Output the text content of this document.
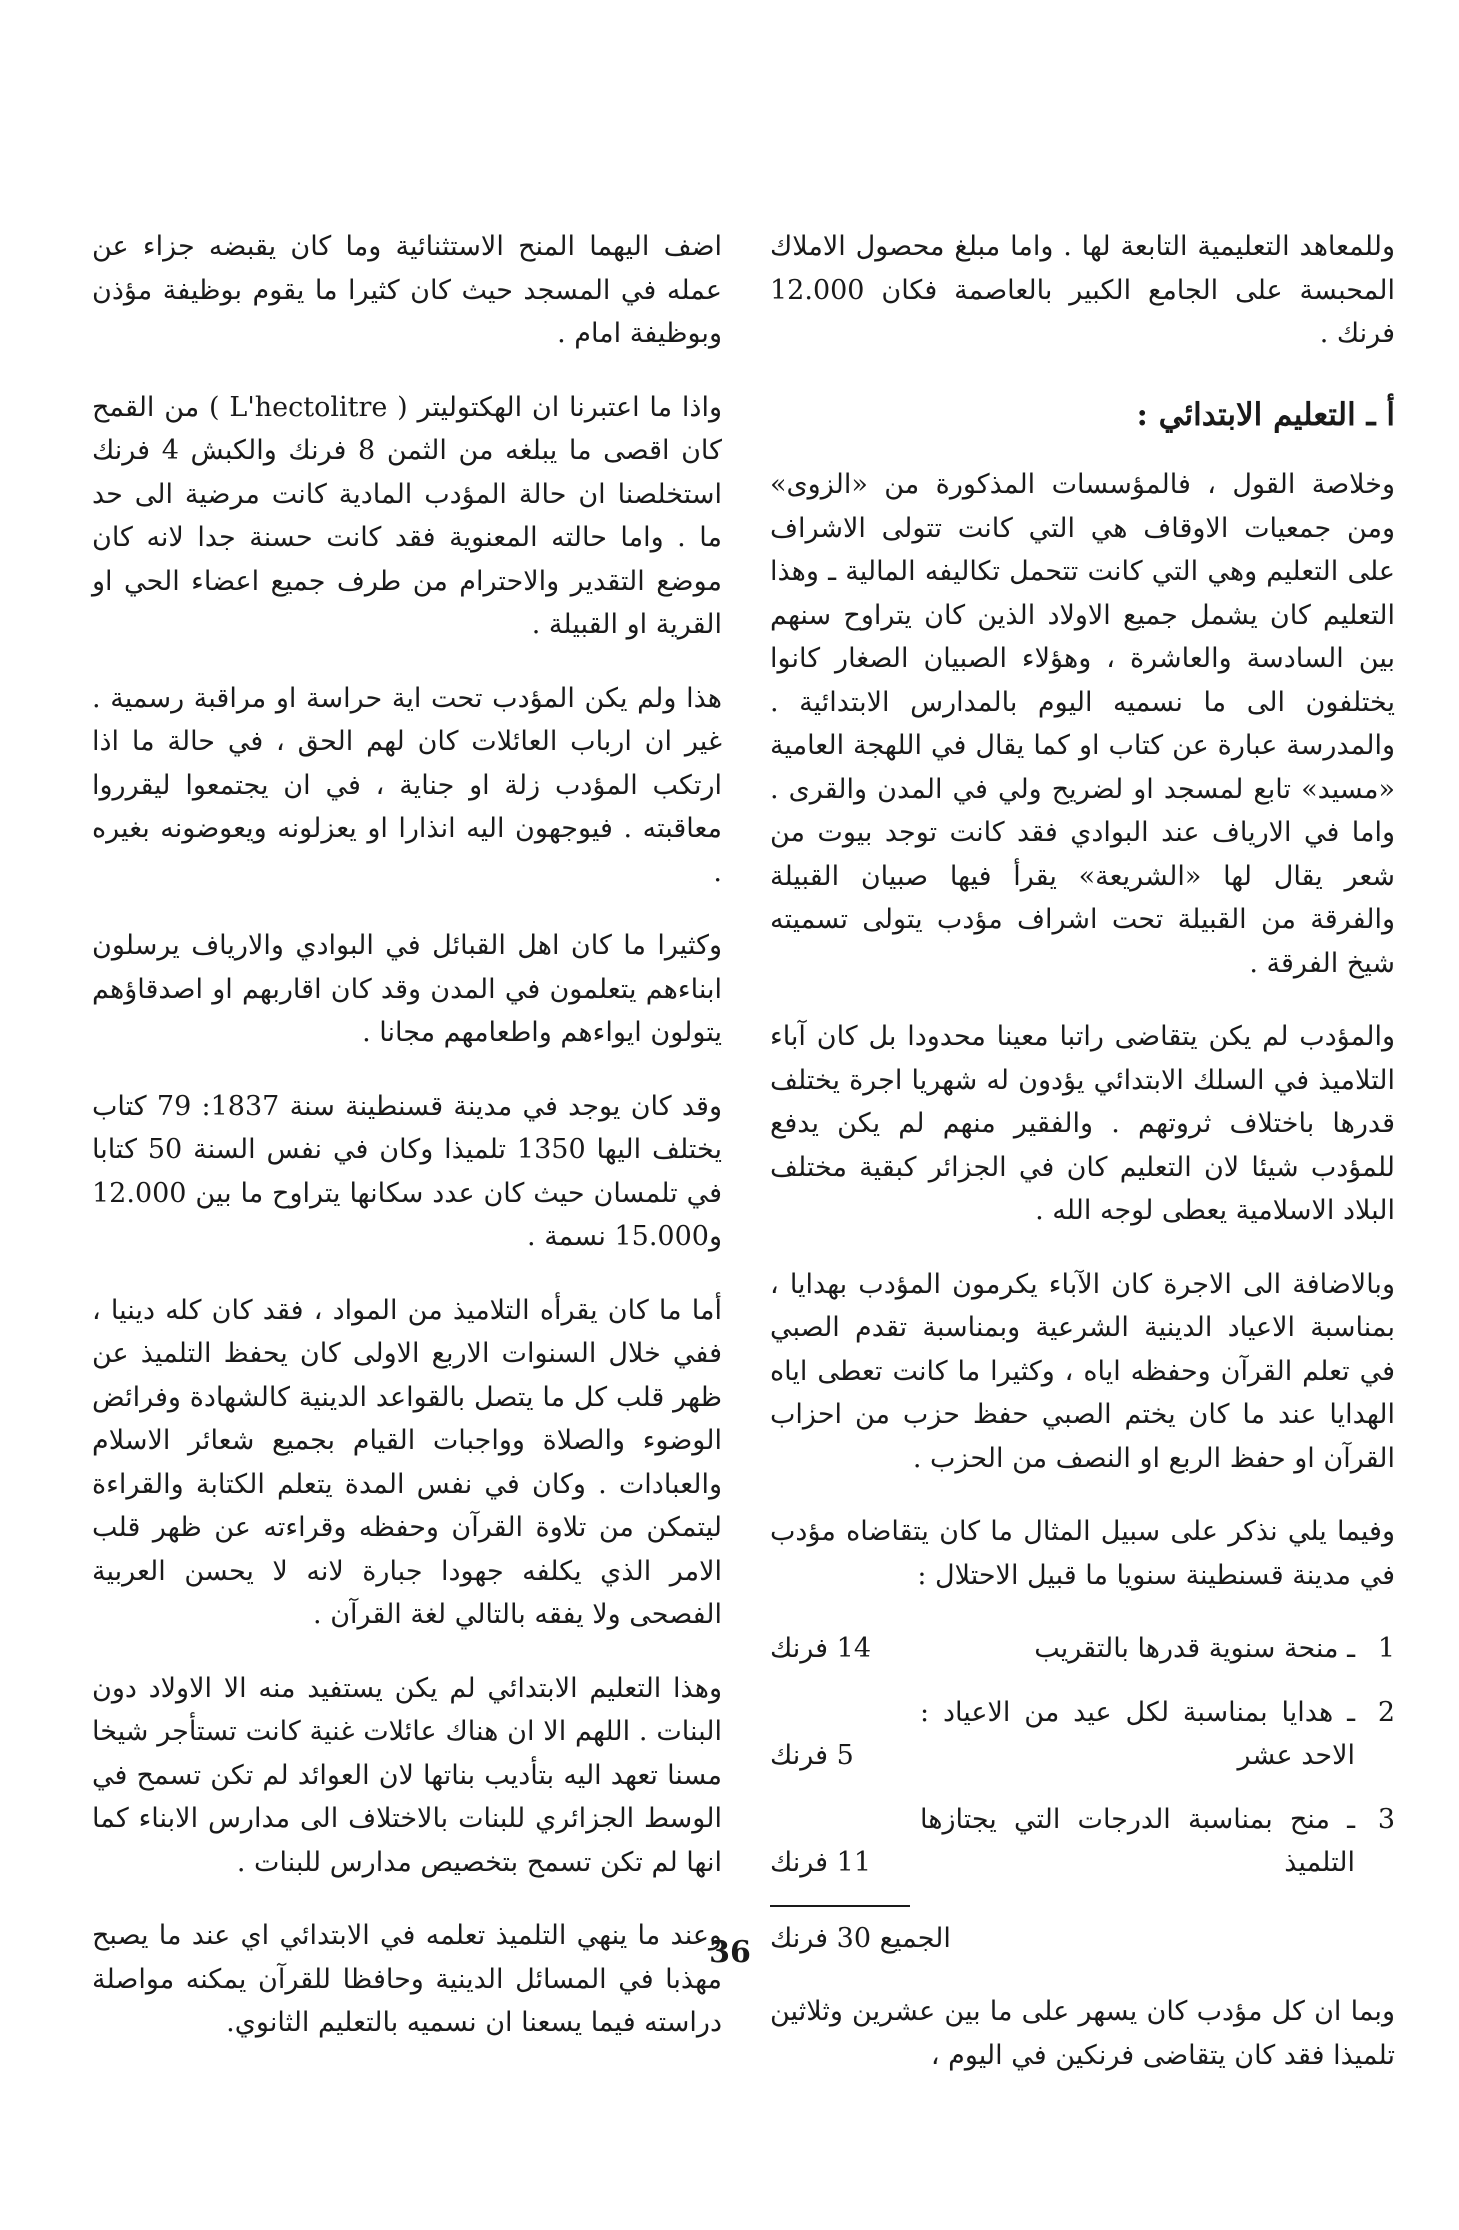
وللمعاهد التعليمية التابعة لها . واما مبلغ محصول الاملاك المحبسة على الجامع الكبير بالعاصمة فكان 12.000 فرنك .

أ ـ التعليم الابتدائي :

وخلاصة القول ، فالمؤسسات المذكورة من «الزوى» ومن جمعيات الاوقاف هي التي كانت تتولى الاشراف على التعليم وهي التي كانت تتحمل تكاليفه المالية ـ وهذا التعليم كان يشمل جميع الاولاد الذين كان يتراوح سنهم بين السادسة والعاشرة ، وهؤلاء الصبيان الصغار كانوا يختلفون الى ما نسميه اليوم بالمدارس الابتدائية . والمدرسة عبارة عن كتاب او كما يقال في اللهجة العامية «مسيد» تابع لمسجد او لضريح ولي في المدن والقرى . واما في الارياف عند البوادي فقد كانت توجد بيوت من شعر يقال لها «الشريعة» يقرأ فيها صبيان القبيلة والفرقة من القبيلة تحت اشراف مؤدب يتولى تسميته شيخ الفرقة .

والمؤدب لم يكن يتقاضى راتبا معينا محدودا بل كان آباء التلاميذ في السلك الابتدائي يؤدون له شهريا اجرة يختلف قدرها باختلاف ثروتهم . والفقير منهم لم يكن يدفع للمؤدب شيئا لان التعليم كان في الجزائر كبقية مختلف البلاد الاسلامية يعطى لوجه الله .

وبالاضافة الى الاجرة كان الآباء يكرمون المؤدب بهدايا ، بمناسبة الاعياد الدينية الشرعية وبمناسبة تقدم الصبي في تعلم القرآن وحفظه اياه ، وكثيرا ما كانت تعطى اياه الهدايا عند ما كان يختم الصبي حفظ حزب من احزاب القرآن او حفظ الربع او النصف من الحزب .

وفيما يلي نذكر على سبيل المثال ما كان يتقاضاه مؤدب في مدينة قسنطينة سنويا ما قبيل الاحتلال :

1
ـ منحة سنوية قدرها بالتقريب
14 فرنك
2
ـ هدايا بمناسبة لكل عيد من الاعياد : الاحد عشر
5 فرنك
3
ـ منح بمناسبة الدرجات التي يجتازها التلميذ
11 فرنك
الجميع 30 فرنك

وبما ان كل مؤدب كان يسهر على ما بين عشرين وثلاثين تلميذا فقد كان يتقاضى فرنكين في اليوم ،

اضف اليهما المنح الاستثنائية وما كان يقبضه جزاء عن عمله في المسجد حيث كان كثيرا ما يقوم بوظيفة مؤذن وبوظيفة امام .

واذا ما اعتبرنا ان الهكتوليتر ( L'hectolitre ) من القمح كان اقصى ما يبلغه من الثمن 8 فرنك والكبش 4 فرنك استخلصنا ان حالة المؤدب المادية كانت مرضية الى حد ما . واما حالته المعنوية فقد كانت حسنة جدا لانه كان موضع التقدير والاحترام من طرف جميع اعضاء الحي او القرية او القبيلة .

هذا ولم يكن المؤدب تحت اية حراسة او مراقبة رسمية . غير ان ارباب العائلات كان لهم الحق ، في حالة ما اذا ارتكب المؤدب زلة او جناية ، في ان يجتمعوا ليقرروا معاقبته . فيوجهون اليه انذارا او يعزلونه ويعوضونه بغيره .

وكثيرا ما كان اهل القبائل في البوادي والارياف يرسلون ابناءهم يتعلمون في المدن وقد كان اقاربهم او اصدقاؤهم يتولون ايواءهم واطعامهم مجانا .

وقد كان يوجد في مدينة قسنطينة سنة 1837: 79 كتاب يختلف اليها 1350 تلميذا وكان في نفس السنة 50 كتابا في تلمسان حيث كان عدد سكانها يتراوح ما بين 12.000 و15.000 نسمة .

أما ما كان يقرأه التلاميذ من المواد ، فقد كان كله دينيا ، ففي خلال السنوات الاربع الاولى كان يحفظ التلميذ عن ظهر قلب كل ما يتصل بالقواعد الدينية كالشهادة وفرائض الوضوء والصلاة وواجبات القيام بجميع شعائر الاسلام والعبادات . وكان في نفس المدة يتعلم الكتابة والقراءة ليتمكن من تلاوة القرآن وحفظه وقراءته عن ظهر قلب الامر الذي يكلفه جهودا جبارة لانه لا يحسن العربية الفصحى ولا يفقه بالتالي لغة القرآن .

وهذا التعليم الابتدائي لم يكن يستفيد منه الا الاولاد دون البنات . اللهم الا ان هناك عائلات غنية كانت تستأجر شيخا مسنا تعهد اليه بتأديب بناتها لان العوائد لم تكن تسمح في الوسط الجزائري للبنات بالاختلاف الى مدارس الابناء كما انها لم تكن تسمح بتخصيص مدارس للبنات .

وعند ما ينهي التلميذ تعلمه في الابتدائي اي عند ما يصبح مهذبا في المسائل الدينية وحافظا للقرآن يمكنه مواصلة دراسته فيما يسعنا ان نسميه بالتعليم الثانوي.

36
